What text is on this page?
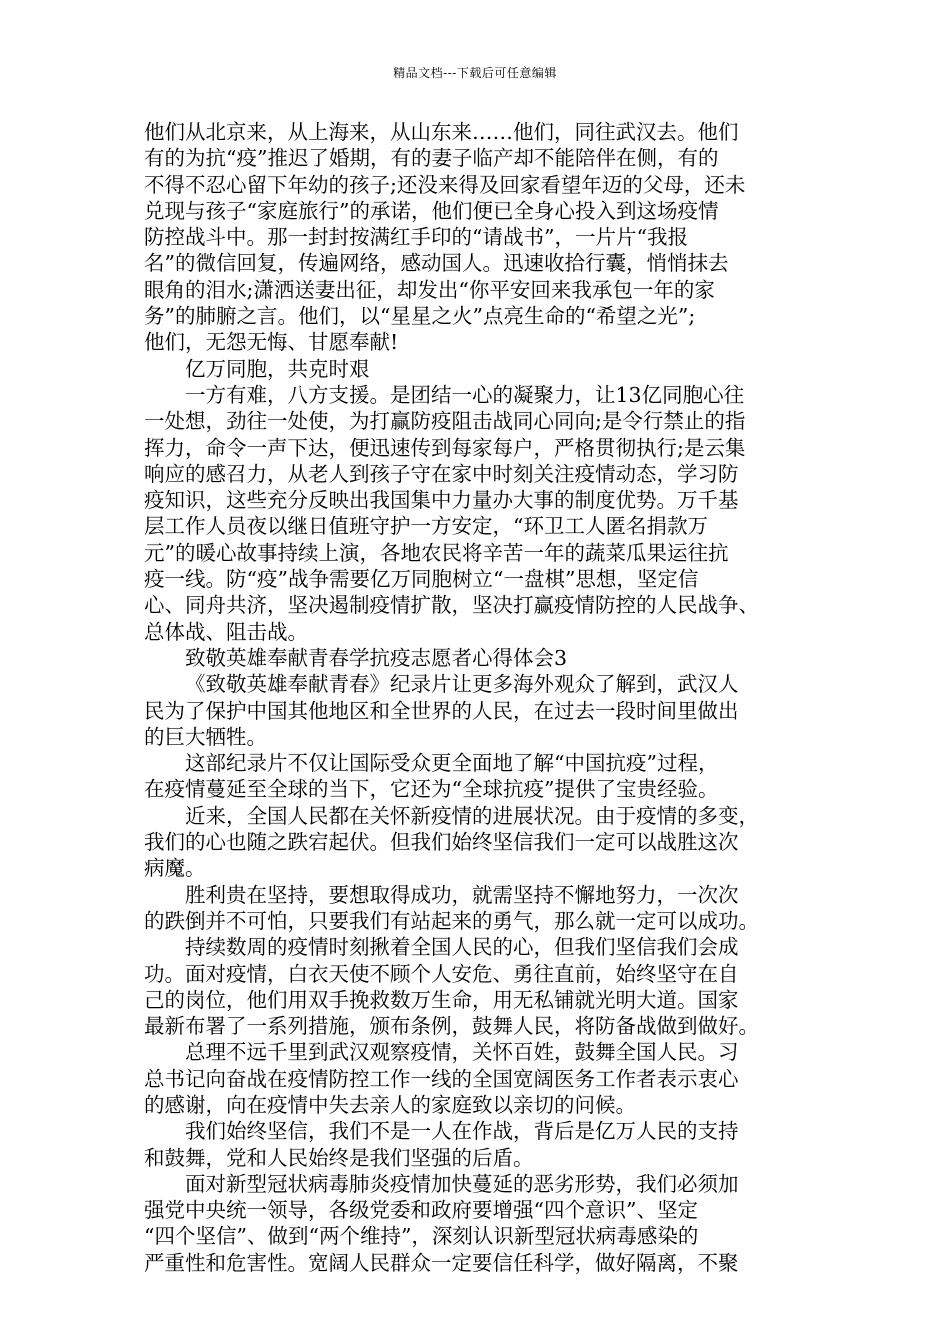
精品文档---下载后可任意编辑
他们从北京来，从上海来，从山东来……他们，同往武汉去。他们
有的为抗“疫”推迟了婚期，有的妻子临产却不能陪伴在侧，有的
不得不忍心留下年幼的孩子;还没来得及回家看望年迈的父母，还未
兑现与孩子“家庭旅行”的承诺，他们便已全身心投入到这场疫情
防控战斗中。那一封封按满红手印的“请战书”，一片片“我报
名”的微信回复，传遍网络，感动国人。迅速收拾行囊，悄悄抹去
眼角的泪水;潇洒送妻出征，却发出“你平安回来我承包一年的家
务”的肺腑之言。他们，以“星星之火”点亮生命的“希望之光”;
他们，无怨无悔、甘愿奉献!
亿万同胞，共克时艰
一方有难，八方支援。是团结一心的凝聚力，让13亿同胞心往
一处想，劲往一处使，为打赢防疫阻击战同心同向;是令行禁止的指
挥力，命令一声下达，便迅速传到每家每户，严格贯彻执行;是云集
响应的感召力，从老人到孩子守在家中时刻关注疫情动态，学习防
疫知识，这些充分反映出我国集中力量办大事的制度优势。万千基
层工作人员夜以继日值班守护一方安定，“环卫工人匿名捐款万
元”的暖心故事持续上演，各地农民将辛苦一年的蔬菜瓜果运往抗
疫一线。防“疫”战争需要亿万同胞树立“一盘棋”思想，坚定信
心、同舟共济，坚决遏制疫情扩散，坚决打赢疫情防控的人民战争、
总体战、阻击战。
致敬英雄奉献青春学抗疫志愿者心得体会3
《致敬英雄奉献青春》纪录片让更多海外观众了解到，武汉人
民为了保护中国其他地区和全世界的人民，在过去一段时间里做出
的巨大牺牲。
这部纪录片不仅让国际受众更全面地了解“中国抗疫”过程，
在疫情蔓延至全球的当下，它还为“全球抗疫”提供了宝贵经验。
近来，全国人民都在关怀新疫情的进展状况。由于疫情的多变，
我们的心也随之跌宕起伏。但我们始终坚信我们一定可以战胜这次
病魔。
胜利贵在坚持，要想取得成功，就需坚持不懈地努力，一次次
的跌倒并不可怕，只要我们有站起来的勇气，那么就一定可以成功。
持续数周的疫情时刻揪着全国人民的心，但我们坚信我们会成
功。面对疫情，白衣天使不顾个人安危、勇往直前，始终坚守在自
己的岗位，他们用双手挽救数万生命，用无私铺就光明大道。国家
最新布署了一系列措施，颁布条例，鼓舞人民，将防备战做到做好。
总理不远千里到武汉观察疫情，关怀百姓，鼓舞全国人民。习
总书记向奋战在疫情防控工作一线的全国宽阔医务工作者表示衷心
的感谢，向在疫情中失去亲人的家庭致以亲切的问候。
我们始终坚信，我们不是一人在作战，背后是亿万人民的支持
和鼓舞，党和人民始终是我们坚强的后盾。
面对新型冠状病毒肺炎疫情加快蔓延的恶劣形势，我们必须加
强党中央统一领导，各级党委和政府要增强“四个意识”、坚定
“四个坚信”、做到“两个维持”，深刻认识新型冠状病毒感染的
严重性和危害性。宽阔人民群众一定要信任科学，做好隔离，不聚
